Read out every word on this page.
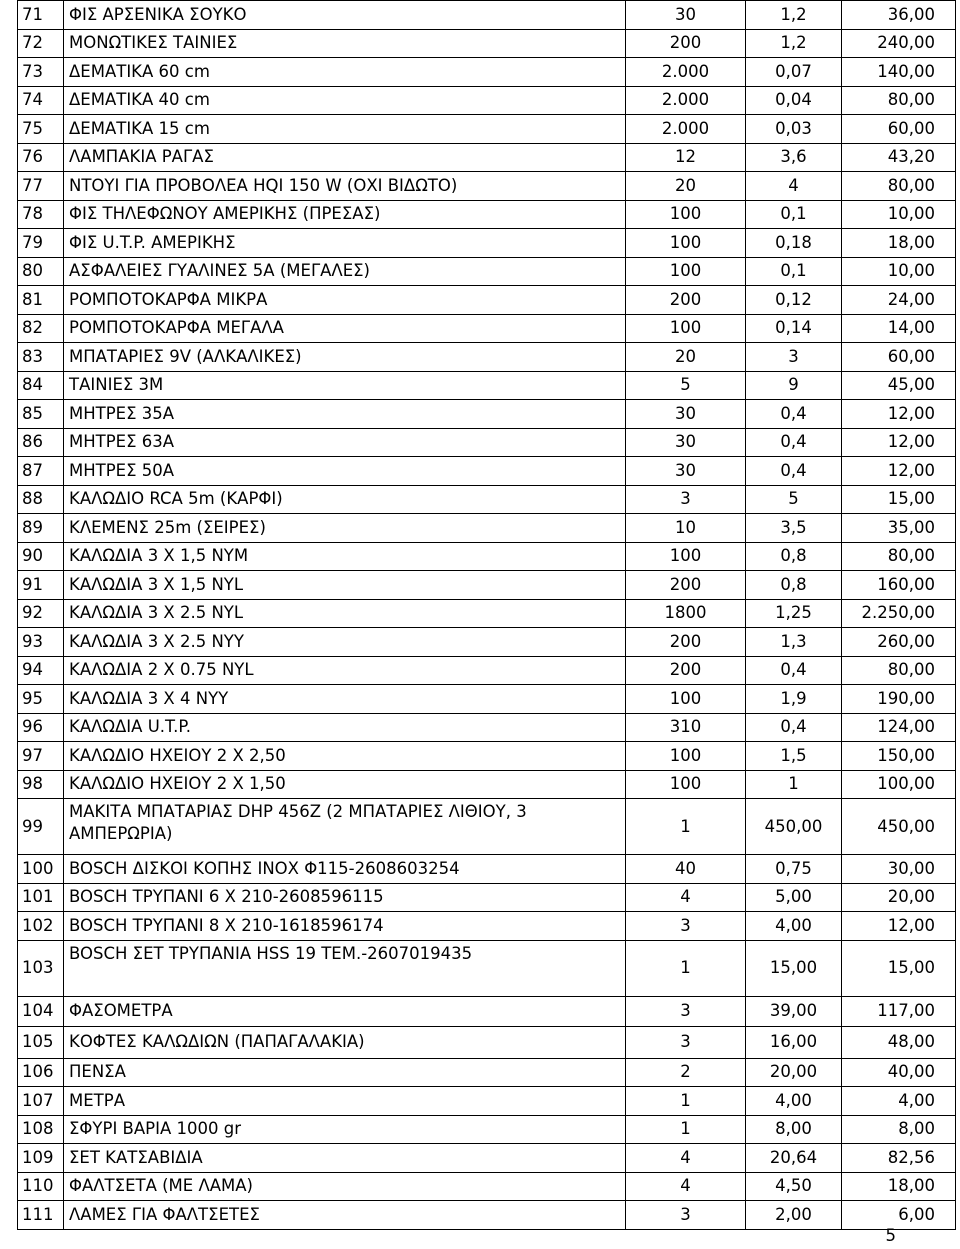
71	ΦΙΣ ΑΡΣΕΝΙΚΑ ΣΟΥΚΟ	30	1,2	36,00
72	ΜΟΝΩΤΙΚΕΣ ΤΑΙΝΙΕΣ	200	1,2	240,00
73	ΔΕΜΑΤΙΚΑ 60 cm	2.000	0,07	140,00
74	ΔΕΜΑΤΙΚΑ 40 cm	2.000	0,04	80,00
75	ΔΕΜΑΤΙΚΑ 15 cm	2.000	0,03	60,00
76	ΛΑΜΠΑΚΙΑ ΡΑΓΑΣ	12	3,6	43,20
77	ΝΤΟΥΙ ΓΙΑ ΠΡΟΒΟΛΕΑ HQI 150 W (ΟΧΙ ΒΙΔΩΤΟ)	20	4	80,00
78	ΦΙΣ ΤΗΛΕΦΩΝΟΥ ΑΜΕΡΙΚΗΣ (ΠΡΕΣΑΣ)	100	0,1	10,00
79	ΦΙΣ U.T.P. ΑΜΕΡΙΚΗΣ	100	0,18	18,00
80	ΑΣΦΑΛΕΙΕΣ ΓΥΑΛΙΝΕΣ 5Α (ΜΕΓΑΛΕΣ)	100	0,1	10,00
81	ΡΟΜΠΟΤΟΚΑΡΦΑ ΜΙΚΡΑ	200	0,12	24,00
82	ΡΟΜΠΟΤΟΚΑΡΦΑ ΜΕΓΑΛΑ	100	0,14	14,00
83	ΜΠΑΤΑΡΙΕΣ 9V (ΑΛΚΑΛΙΚΕΣ)	20	3	60,00
84	ΤΑΙΝΙΕΣ 3Μ	5	9	45,00
85	ΜΗΤΡΕΣ 35Α	30	0,4	12,00
86	ΜΗΤΡΕΣ 63Α	30	0,4	12,00
87	ΜΗΤΡΕΣ 50Α	30	0,4	12,00
88	ΚΑΛΩΔΙΟ RCA 5m (ΚΑΡΦΙ)	3	5	15,00
89	ΚΛΕΜΕΝΣ 25m (ΣΕΙΡΕΣ)	10	3,5	35,00
90	ΚΑΛΩΔΙΑ 3 Χ 1,5 ΝΥΜ	100	0,8	80,00
91	ΚΑΛΩΔΙΑ 3 Χ 1,5 ΝΥL	200	0,8	160,00
92	ΚΑΛΩΔΙΑ 3 Χ 2.5 ΝΥL	1800	1,25	2.250,00
93	ΚΑΛΩΔΙΑ 3 Χ 2.5 ΝΥΥ	200	1,3	260,00
94	ΚΑΛΩΔΙΑ 2 Χ 0.75 ΝΥL	200	0,4	80,00
95	ΚΑΛΩΔΙΑ 3 Χ 4 ΝΥΥ	100	1,9	190,00
96	ΚΑΛΩΔΙΑ U.T.P.	310	0,4	124,00
97	ΚΑΛΩΔΙΟ ΗΧΕΙΟΥ 2 Χ 2,50	100	1,5	150,00
98	ΚΑΛΩΔΙΟ ΗΧΕΙΟΥ 2 Χ 1,50	100	1	100,00
99	ΜΑΚΙΤΑ ΜΠΑΤΑΡΙΑΣ DHP 456Z (2 ΜΠΑΤΑΡΙΕΣ ΛΙΘΙΟΥ, 3 ΑΜΠΕΡΩΡΙΑ)	1	450,00	450,00
100	BOSCH ΔΙΣΚΟΙ ΚΟΠΗΣ ΙΝΟΧ Φ115-2608603254	40	0,75	30,00
101	BOSCH ΤΡΥΠΑΝΙ 6 Χ 210-2608596115	4	5,00	20,00
102	BOSCH ΤΡΥΠΑΝΙ 8 Χ 210-1618596174	3	4,00	12,00
103	BOSCH ΣΕΤ ΤΡΥΠΑΝΙΑ HSS 19 ΤΕΜ.-2607019435	1	15,00	15,00
104	ΦΑΣΟΜΕΤΡΑ	3	39,00	117,00
105	ΚΟΦΤΕΣ ΚΑΛΩΔΙΩΝ (ΠΑΠΑΓΑΛΑΚΙΑ)	3	16,00	48,00
106	ΠΕΝΣΑ	2	20,00	40,00
107	ΜΕΤΡΑ	1	4,00	4,00
108	ΣΦΥΡΙ ΒΑΡΙΑ 1000 gr	1	8,00	8,00
109	ΣΕΤ ΚΑΤΣΑΒΙΔΙΑ	4	20,64	82,56
110	ΦΑΛΤΣΕΤΑ (ΜΕ ΛΑΜΑ)	4	4,50	18,00
111	ΛΑΜΕΣ ΓΙΑ ΦΑΛΤΣΕΤΕΣ	3	2,00	6,00
5
